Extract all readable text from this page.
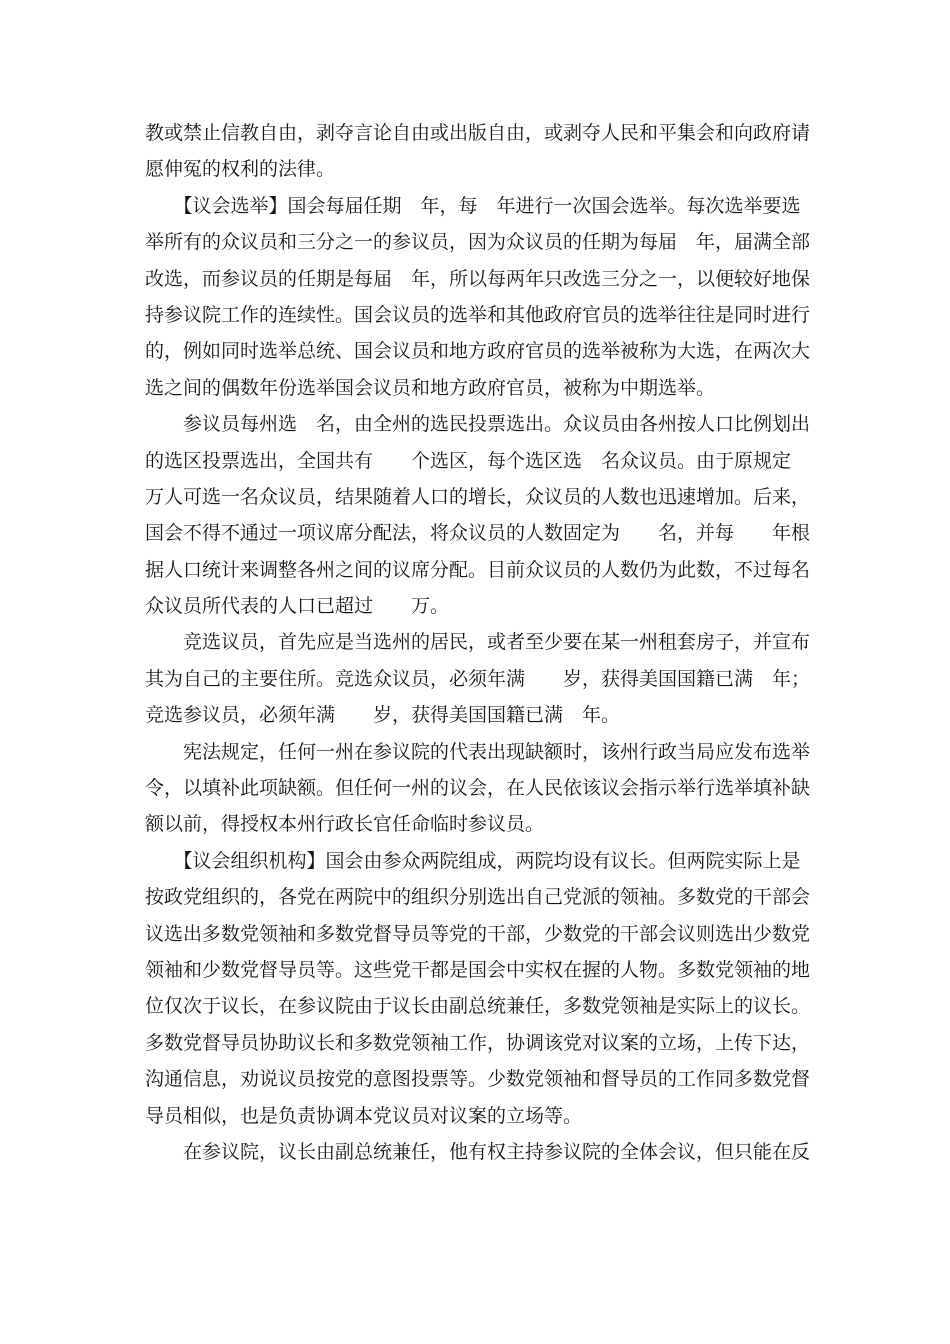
教或禁止信教自由，剥夺言论自由或出版自由，或剥夺人民和平集会和向政府请
愿伸冤的权利的法律。
　　【议会选举】国会每届任期　年，每　年进行一次国会选举。每次选举要选
举所有的众议员和三分之一的参议员，因为众议员的任期为每届　年，届满全部
改选，而参议员的任期是每届　年，所以每两年只改选三分之一，以便较好地保
持参议院工作的连续性。国会议员的选举和其他政府官员的选举往往是同时进行
的，例如同时选举总统、国会议员和地方政府官员的选举被称为大选，在两次大
选之间的偶数年份选举国会议员和地方政府官员，被称为中期选举。
　　参议员每州选　名，由全州的选民投票选出。众议员由各州按人口比例划出
的选区投票选出，全国共有　　个选区，每个选区选　名众议员。由于原规定
万人可选一名众议员，结果随着人口的增长，众议员的人数也迅速增加。后来，
国会不得不通过一项议席分配法，将众议员的人数固定为　　名，并每　　年根
据人口统计来调整各州之间的议席分配。目前众议员的人数仍为此数，不过每名
众议员所代表的人口已超过　　万。
　　竞选议员，首先应是当选州的居民，或者至少要在某一州租套房子，并宣布
其为自己的主要住所。竞选众议员，必须年满　　岁，获得美国国籍已满　年；
竞选参议员，必须年满　　岁，获得美国国籍已满　年。
　　宪法规定，任何一州在参议院的代表出现缺额时，该州行政当局应发布选举
令，以填补此项缺额。但任何一州的议会，在人民依该议会指示举行选举填补缺
额以前，得授权本州行政长官任命临时参议员。
　　【议会组织机构】国会由参众两院组成，两院均设有议长。但两院实际上是
按政党组织的，各党在两院中的组织分别选出自己党派的领袖。多数党的干部会
议选出多数党领袖和多数党督导员等党的干部，少数党的干部会议则选出少数党
领袖和少数党督导员等。这些党干都是国会中实权在握的人物。多数党领袖的地
位仅次于议长，在参议院由于议长由副总统兼任，多数党领袖是实际上的议长。
多数党督导员协助议长和多数党领袖工作，协调该党对议案的立场，上传下达，
沟通信息，劝说议员按党的意图投票等。少数党领袖和督导员的工作同多数党督
导员相似，也是负责协调本党议员对议案的立场等。
　　在参议院，议长由副总统兼任，他有权主持参议院的全体会议，但只能在反
